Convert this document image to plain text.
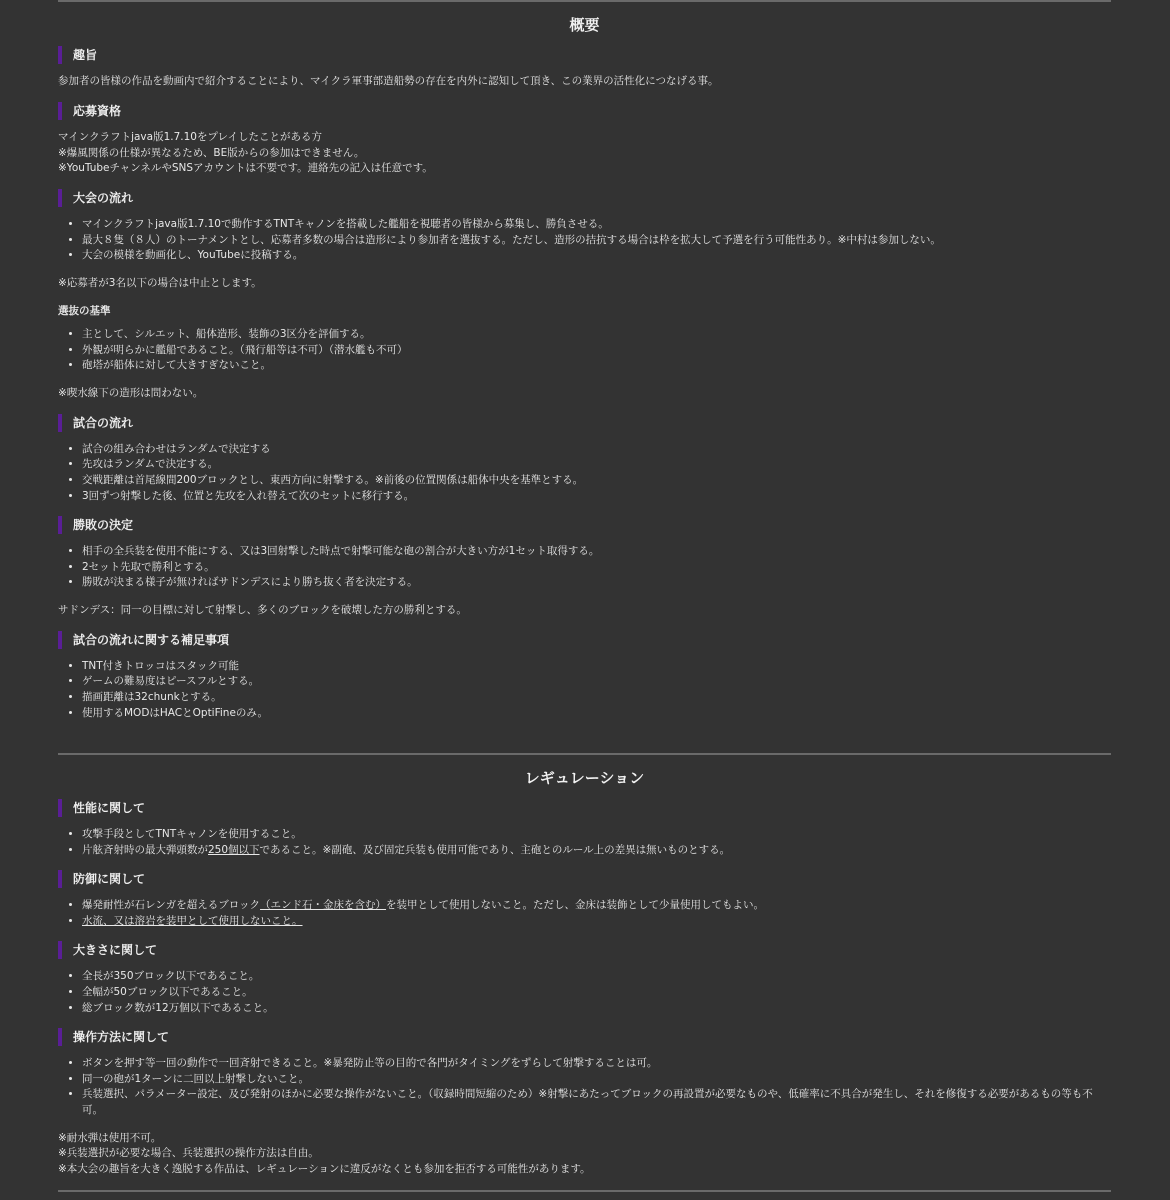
概要
趣旨

参加者の皆様の作品を動画内で紹介することにより、マイクラ軍事部造船勢の存在を内外に認知して頂き、この業界の活性化につなげる事。

応募資格

マインクラフトjava版1.7.10をプレイしたことがある方
※爆風関係の仕様が異なるため、BE版からの参加はできません。
※YouTubeチャンネルやSNSアカウントは不要です。連絡先の記入は任意です。

大会の流れ
• マインクラフトjava版1.7.10で動作するTNTキャノンを搭載した艦船を視聴者の皆様から募集し、勝負させる。
• 最大８隻（８人）のトーナメントとし、応募者多数の場合は造形により参加者を選抜する。ただし、造形の拮抗する場合は枠を拡大して予選を行う可能性あり。※中村は参加しない。
• 大会の模様を動画化し、YouTubeに投稿する。

※応募者が3名以下の場合は中止とします。

選抜の基準
• 主として、シルエット、船体造形、装飾の3区分を評価する。
• 外観が明らかに艦船であること。（飛行船等は不可）（潜水艦も不可）
• 砲塔が船体に対して大きすぎないこと。

※喫水線下の造形は問わない。

試合の流れ
• 試合の組み合わせはランダムで決定する
• 先攻はランダムで決定する。
• 交戦距離は首尾線間200ブロックとし、東西方向に射撃する。※前後の位置関係は船体中央を基準とする。
• 3回ずつ射撃した後、位置と先攻を入れ替えて次のセットに移行する。
勝敗の決定
• 相手の全兵装を使用不能にする、又は3回射撃した時点で射撃可能な砲の割合が大きい方が1セット取得する。
• 2セット先取で勝利とする。
• 勝敗が決まる様子が無ければサドンデスにより勝ち抜く者を決定する。

サドンデス：同一の目標に対して射撃し、多くのブロックを破壊した方の勝利とする。

試合の流れに関する補足事項
• TNT付きトロッコはスタック可能
• ゲームの難易度はピースフルとする。
• 描画距離は32chunkとする。
• 使用するMODはHACとOptiFineのみ。
レギュレーション
性能に関して
• 攻撃手段としてTNTキャノンを使用すること。
• 片舷斉射時の最大弾頭数が250個以下であること。※副砲、及び固定兵装も使用可能であり、主砲とのルール上の差異は無いものとする。
防御に関して
• 爆発耐性が石レンガを超えるブロック（エンド石・金床を含む）を装甲として使用しないこと。ただし、金床は装飾として少量使用してもよい。
• 水流、又は溶岩を装甲として使用しないこと。
大きさに関して
• 全長が350ブロック以下であること。
• 全幅が50ブロック以下であること。
• 総ブロック数が12万個以下であること。
操作方法に関して
• ボタンを押す等一回の動作で一回斉射できること。※暴発防止等の目的で各門がタイミングをずらして射撃することは可。
• 同一の砲が1ターンに二回以上射撃しないこと。
• 兵装選択、パラメーター設定、及び発射のほかに必要な操作がないこと。（収録時間短縮のため）※射撃にあたってブロックの再設置が必要なものや、低確率に不具合が発生し、それを修復する必要があるもの等も不可。

※耐水弾は使用不可。
※兵装選択が必要な場合、兵装選択の操作方法は自由。
※本大会の趣旨を大きく逸脱する作品は、レギュレーションに違反がなくとも参加を拒否する可能性があります。
